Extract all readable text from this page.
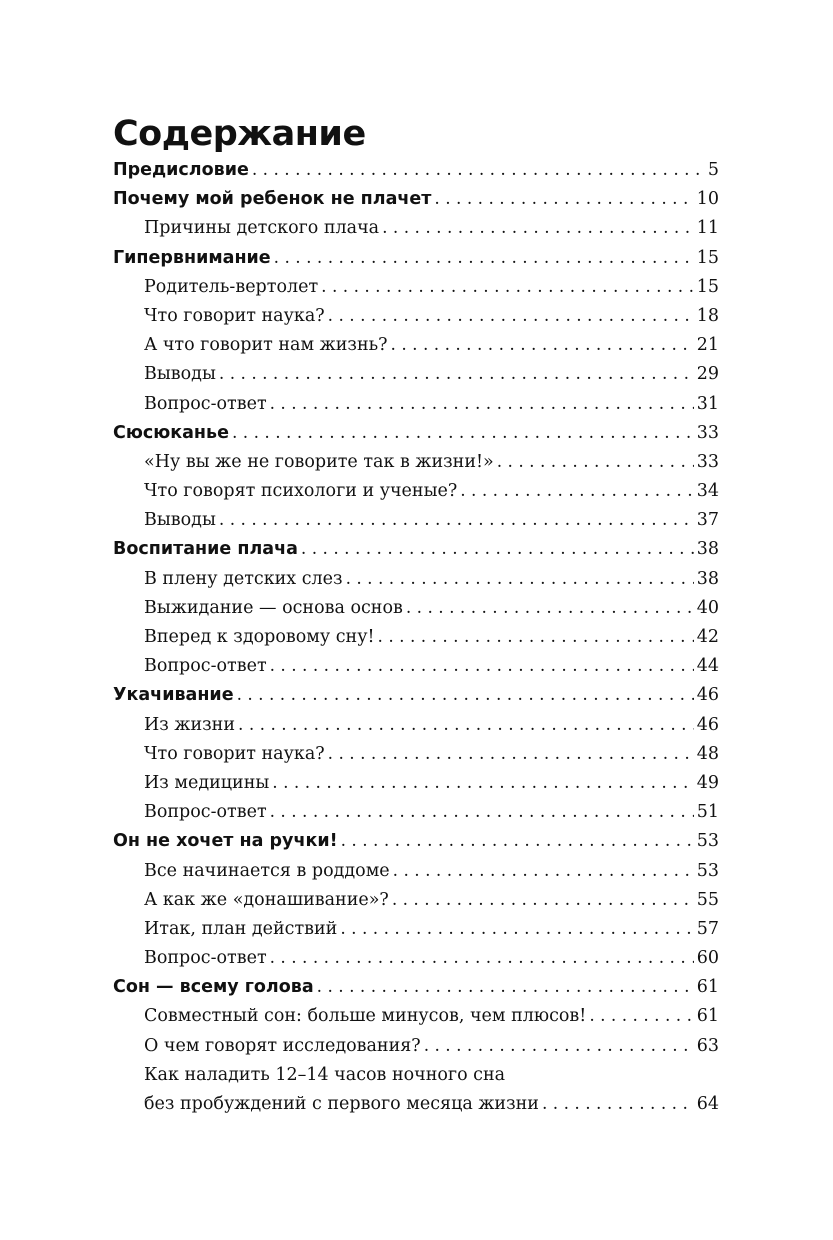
Содержание
Предисловие . . .	5
Почему мой ребенок не плачет . . .	10
Причины детского плача . . .	11
Гипервнимание . . .	15
Родитель-вертолет . . .	15
Что говорит наука? . . .	18
А что говорит нам жизнь? . . .	21
Выводы . . .	29
Вопрос-ответ . . .	31
Сюсюканье . . .	33
«Ну вы же не говорите так в жизни!» . . .	33
Что говорят психологи и ученые? . . .	34
Выводы . . .	37
Воспитание плача . . .	38
В плену детских слез . . .	38
Выжидание — основа основ . . .	40
Вперед к здоровому сну! . . .	42
Вопрос-ответ . . .	44
Укачивание . . .	46
Из жизни . . .	46
Что говорит наука? . . .	48
Из медицины . . .	49
Вопрос-ответ . . .	51
Он не хочет на ручки! . . .	53
Все начинается в роддоме . . .	53
А как же «донашивание»? . . .	55
Итак, план действий . . .	57
Вопрос-ответ . . .	60
Сон — всему голова . . .	61
Совместный сон: больше минусов, чем плюсов! . . .	61
О чем говорят исследования? . . .	63
Как наладить 12–14 часов ночного сна
без пробуждений с первого месяца жизни . . .	64
